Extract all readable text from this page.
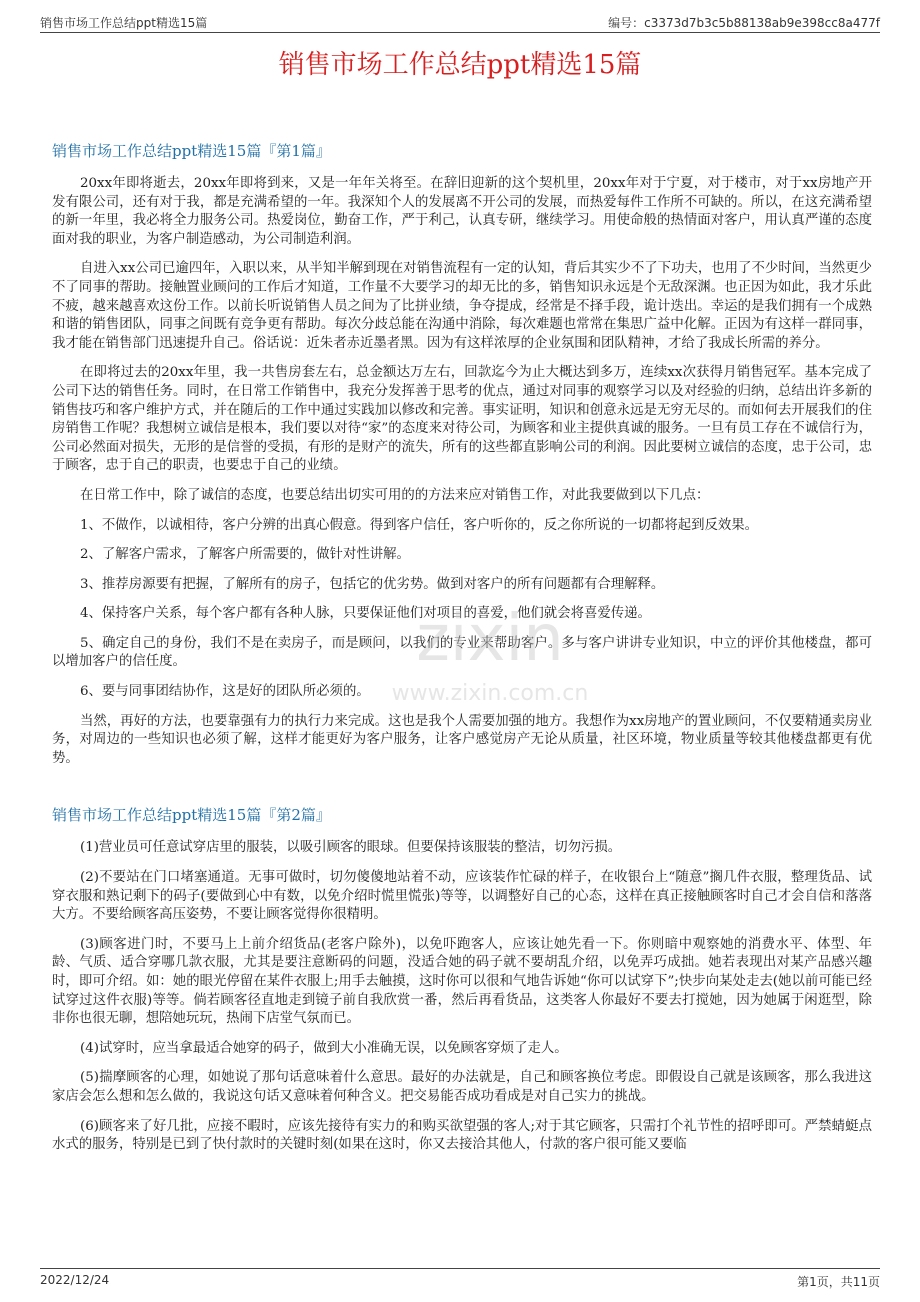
销售市场工作总结ppt精选15篇	编号：c3373d7b3c5b88138ab9e398cc8a477f
销售市场工作总结ppt精选15篇
销售市场工作总结ppt精选15篇『第1篇』

20xx年即将逝去，20xx年即将到来，又是一年年关将至。在辞旧迎新的这个契机里，20xx年对于宁夏，对于楼市，对于xx房地产开发有限公司，还有对于我，都是充满希望的一年。我深知个人的发展离不开公司的发展，而热爱每件工作所不可缺的。所以，在这充满希望的新一年里，我必将全力服务公司。热爱岗位，勤奋工作，严于利己，认真专研，继续学习。用使命般的热情面对客户，用认真严谨的态度面对我的职业，为客户制造感动，为公司制造利润。

自进入xx公司已逾四年，入职以来，从半知半解到现在对销售流程有一定的认知，背后其实少不了下功夫，也用了不少时间，当然更少不了同事的帮助。接触置业顾问的工作后才知道，工作量不大要学习的却无比的多，销售知识永远是个无敌深渊。也正因为如此，我才乐此不疲，越来越喜欢这份工作。以前长听说销售人员之间为了比拼业绩，争夺提成，经常是不择手段，诡计迭出。幸运的是我们拥有一个成熟和谐的销售团队，同事之间既有竞争更有帮助。每次分歧总能在沟通中消除，每次难题也常常在集思广益中化解。正因为有这样一群同事，我才能在销售部门迅速提升自己。俗话说：近朱者赤近墨者黑。因为有这样浓厚的企业氛围和团队精神，才给了我成长所需的养分。

在即将过去的20xx年里，我一共售房套左右，总金额达万左右，回款迄今为止大概达到多万，连续xx次获得月销售冠军。基本完成了公司下达的销售任务。同时，在日常工作销售中，我充分发挥善于思考的优点，通过对同事的观察学习以及对经验的归纳，总结出许多新的销售技巧和客户维护方式，并在随后的工作中通过实践加以修改和完善。事实证明，知识和创意永远是无穷无尽的。而如何去开展我们的住房销售工作呢？我想树立诚信是根本，我们要以对待“家”的态度来对待公司，为顾客和业主提供真诚的服务。一旦有员工存在不诚信行为，公司必然面对损失，无形的是信誉的受损，有形的是财产的流失，所有的这些都直影响公司的利润。因此要树立诚信的态度，忠于公司，忠于顾客，忠于自己的职责，也要忠于自己的业绩。

在日常工作中，除了诚信的态度，也要总结出切实可用的的方法来应对销售工作，对此我要做到以下几点：

1、不做作，以诚相待，客户分辨的出真心假意。得到客户信任，客户听你的，反之你所说的一切都将起到反效果。

2、了解客户需求，了解客户所需要的，做针对性讲解。

3、推荐房源要有把握，了解所有的房子，包括它的优劣势。做到对客户的所有问题都有合理解释。

4、保持客户关系，每个客户都有各种人脉，只要保证他们对项目的喜爱，他们就会将喜爱传递。

5、确定自己的身份，我们不是在卖房子，而是顾问，以我们的专业来帮助客户。多与客户讲讲专业知识，中立的评价其他楼盘，都可以增加客户的信任度。

6、要与同事团结协作，这是好的团队所必须的。

当然，再好的方法，也要靠强有力的执行力来完成。这也是我个人需要加强的地方。我想作为xx房地产的置业顾问，不仅要精通卖房业务，对周边的一些知识也必须了解，这样才能更好为客户服务，让客户感觉房产无论从质量，社区环境，物业质量等较其他楼盘都更有优势。

销售市场工作总结ppt精选15篇『第2篇』

(1)营业员可任意试穿店里的服装，以吸引顾客的眼球。但要保持该服装的整洁，切勿污损。

(2)不要站在门口堵塞通道。无事可做时，切勿傻傻地站着不动，应该装作忙碌的样子，在收银台上“随意”搁几件衣服，整理货品、试穿衣服和熟记剩下的码子(要做到心中有数，以免介绍时慌里慌张)等等，以调整好自己的心态，这样在真正接触顾客时自己才会自信和落落大方。不要给顾客高压姿势，不要让顾客觉得你很精明。

(3)顾客进门时，不要马上上前介绍货品(老客户除外)，以免吓跑客人，应该让她先看一下。你则暗中观察她的消费水平、体型、年龄、气质、适合穿哪几款衣服，尤其是要注意断码的问题，没适合她的码子就不要胡乱介绍，以免弄巧成拙。她若表现出对某产品感兴趣时，即可介绍。如：她的眼光停留在某件衣服上;用手去触摸，这时你可以很和气地告诉她“你可以试穿下”;快步向某处走去(她以前可能已经试穿过这件衣服)等等。倘若顾客径直地走到镜子前自我欣赏一番，然后再看货品，这类客人你最好不要去打搅她，因为她属于闲逛型，除非你也很无聊，想陪她玩玩，热闹下店堂气氛而已。

(4)试穿时，应当拿最适合她穿的码子，做到大小准确无误，以免顾客穿烦了走人。

(5)揣摩顾客的心理，如她说了那句话意味着什么意思。最好的办法就是，自己和顾客换位考虑。即假设自己就是该顾客，那么我进这家店会怎么想和怎么做的，我说这句话又意味着何种含义。把交易能否成功看成是对自己实力的挑战。

(6)顾客来了好几批，应接不暇时，应该先接待有实力的和购买欲望强的客人;对于其它顾客，只需打个礼节性的招呼即可。严禁蜻蜓点水式的服务，特别是已到了快付款时的关键时刻(如果在这时，你又去接洽其他人，付款的客户很可能又要临

zixin
www.zixin.com.cn
2022/12/24	第1页，共11页
